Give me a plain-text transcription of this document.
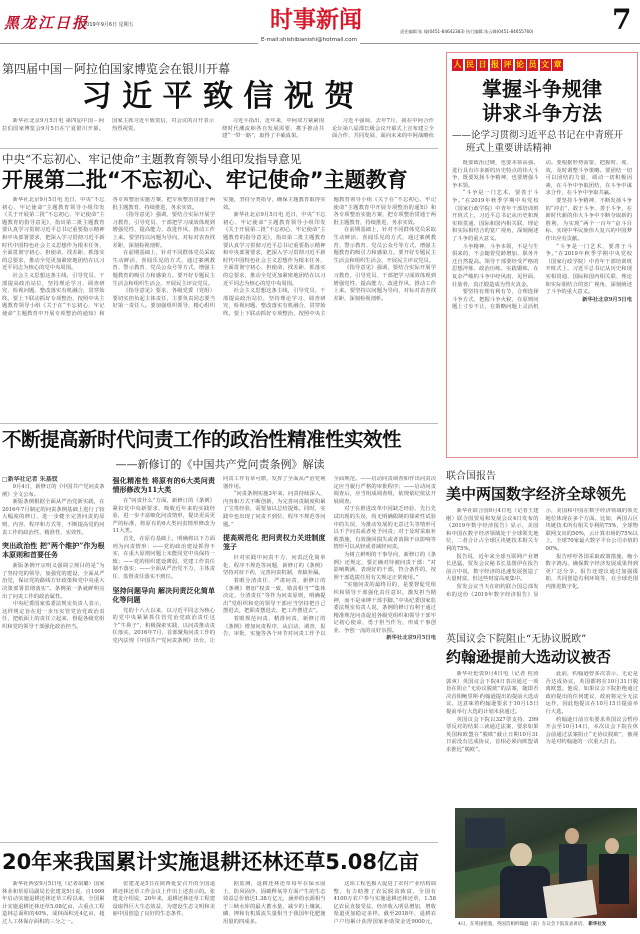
黑龙江日报
2019年9月6日 星期五	时事新闻
E-mail:shishibianishi@hotmail.com
责任编辑:张 瑜(0451-84642383) 执行编辑:朱云峰(0451-84655760)	7
第四届中国－阿拉伯国家博览会在银川开幕
习 近 平 致 信 祝 贺

新华社北京9月5日电 第四届中国－阿拉伯国家博览会9月5日在宁夏银川开幕。国家主席习近平致贺信，对会议的召开表示热烈祝贺。

习近平指出，近年来，中阿双方紧紧围绕时代潮流和各自发展需要，携手推动共建“一带一路”，取得了丰硕成果。

习近平强调，去年7月，我在中阿合作论坛第八届部长级会议开幕式上宣布建立全面合作、共同发展、面向未来的中阿战略伙

人 民 日 报 评 论 员 文 章
掌握斗争规律
讲求斗争方法
——论学习贯彻习近平总书记在中青班开班式上重要讲话精神

既要政治过硬，也要本领高强。进行具有许多新的历史特点的伟大斗争，既要发扬斗争精神，也要增强斗争本领。

“斗争是一门艺术，要善于斗争。”在2019年秋季学期中央党校（国家行政学院）中青年干部培训班开班式上，习近平总书记从历史和现实相贯通、国际和国内相关联、理论和实际相结合的宽广视角，深刻阐述了斗争的重大意义。

斗争精神、斗争本领，不是与生俱来的，不会随着党龄增加、职务升迁自然提高。领导干部要经受严格的思想淬炼、政治历练、实践锻炼，在复杂严峻的斗争中经风雨、见世面、壮筋骨，真正锻造成为烈火真金。

要坚持有理有利有节，合理选择斗争方式、把握斗争火候，在原则问题上寸步不让，在策略问题上灵活机动。要根据形势需要，把握时、度、效，及时调整斗争策略。要团结一切可以团结的力量，调动一切积极因素，在斗争中争取团结，在斗争中谋求合作，在斗争中争取共赢。

要坚持斗争精神，不断发扬斗争的“冲击”，敢于斗争、善于斗争，在新时代新的伟大斗争中不断夺取新的胜利，为实现“两个一百年”奋斗目标、实现中华民族伟大复兴的中国梦作出应有贡献。

“斗争是一门艺术，要善于斗争。”在2019年秋季学期中央党校（国家行政学院）中青年干部培训班开班式上，习近平总书记从历史和现实相贯通、国际和国内相关联、理论和实际相结合的宽广视角，深刻阐述了斗争的重大意义。

新华社北京9月5日电

中央“不忘初心、牢记使命”主题教育领导小组印发指导意见
开展第二批“不忘初心、牢记使命”主题教育

新华社北京9月5日电 近日，中央“不忘初心、牢记使命”主题教育领导小组印发《关于开展第二批“不忘初心、牢记使命”主题教育的指导意见》，指出第二批主题教育要认真学习贯彻习近平总书记重要指示精神和中央部署要求，把深入学习贯彻习近平新时代中国特色社会主义思想作为根本任务，全面贯彻守初心、担使命，找差距、抓落实的总要求，推动全党更加紧密地团结在以习近平同志为核心的党中央周围。

社会主义思想这条主线，引导党员、干部提高政治站位，坚持理论学习、调查研究、检视问题、整改落实有机融合，贯穿始终。要上下联动抓好专项整治，按照中央主题教育领导小组《关于在“不忘初心、牢记使命”主题教育中开展专项整治的通知》和各专项整治实施方案，把专项整治贯通于两批主题教育，持续推进，务求实效。

《指导意见》强调，要结合实际开展学习教育，引导党员、干部把学习成效体现到增强党性、提高能力、改进作风、推动工作上来。要坚持以问题为导向，对标对表查找差距，深刻检视剖析。

在前期基础上，针对不同群体党员采取生动鲜活、喜闻乐见的方式，通过案例教育、警示教育、党员公众号等方式，增强主题教育的吸引力和感染力。要开好专题民主生活会和组织生活会，开展民主评议党员。

《指导意见》要求，各级党委（党组）要切实担负起主体责任，主要负责同志要当好第一责任人。要加强组织领导，精心组织实施，坚持分类指导，确保主题教育取得实效。

新华社北京9月5日电 近日，中央“不忘初心、牢记使命”主题教育领导小组印发《关于开展第二批“不忘初心、牢记使命”主题教育的指导意见》，指出第二批主题教育要认真学习贯彻习近平总书记重要指示精神和中央部署要求，把深入学习贯彻习近平新时代中国特色社会主义思想作为根本任务，全面贯彻守初心、担使命，找差距、抓落实的总要求，推动全党更加紧密地团结在以习近平同志为核心的党中央周围。

社会主义思想这条主线，引导党员、干部提高政治站位，坚持理论学习、调查研究、检视问题、整改落实有机融合，贯穿始终。要上下联动抓好专项整治，按照中央主题教育领导小组《关于在“不忘初心、牢记使命”主题教育中开展专项整治的通知》和各专项整治实施方案，把专项整治贯通于两批主题教育，持续推进，务求实效。

在前期基础上，针对不同群体党员采取生动鲜活、喜闻乐见的方式，通过案例教育、警示教育、党员公众号等方式，增强主题教育的吸引力和感染力。要开好专题民主生活会和组织生活会，开展民主评议党员。

《指导意见》强调，要结合实际开展学习教育，引导党员、干部把学习成效体现到增强党性、提高能力、改进作风、推动工作上来。要坚持以问题为导向，对标对表查找差距，深刻检视剖析。

不断提高新时代问责工作的政治性精准性实效性
——新修订的《中国共产党问责条例》解读
□新华社记者 朱基钗

9月4日，新修订的《中国共产党问责条例》全文公布。

新版条例根据全面从严治党新实践，在2016年7月制定的问责条例基础上进行了较大幅度的修订，进一步健全完善问责的原则、内容、程序和方式等，不断提高党的问责工作的政治性、精准性、实效性。

突出政治性 把“两个维护”作为根本原则和首要任务

新版条例开宗明义强调立规目的是“为了坚持党的领导，加强党的建设，全面从严治党，保证党的路线方针政策和党中央重大决策部署贯彻落实”。条例第一条就鲜明亮出了问责工作的政治属性。

中央纪委国家监委法规室负责人表示，这样规定旨在进一步压实管党治党政治责任，把纸面上的责任立起来，督促各级党组织和党的领导干部强化政治担当。

强化精准性 将原有的6大类问责情形修改为11大类

在“问责什么”方面，新修订的《条例》紧扣党中央新要求，吸收近年来的实践经验，进一步丰富细化问责情形，提出更高更严的标准，将原有的6大类问责情形修改为11大类。

首先，在原有基础上，明确将以下方面列为问责情形：——党的政治建设抓得不实，在重大原则问题上未能同党中央保持一致；——党的组织建设薄弱，党建工作责任制不落实；——全面从严治党不力，主体责任、监督责任落实不到位。

坚持问题导向 解决问责泛化简单化等问题

党的十八大以来，以习近平同志为核心的党中央紧紧抓住管党治党政治责任这个“牛鼻子”，积极探索实践，以问责推动责任落实。2016年7月，首部聚焦问责工作的党内法规《中国共产党问责条例》出台，让问责工作有章可循，发挥了全面从严治党利器作用。

“问责条例实施3年来，问责持续深入，内容和方式不断创新，为完善问责制度积累了宝贵经验，需要加以总结提炼。同时，实践中也出现了问责不到位、程序不规范等问题。”

提高规范化 把问责权力关进制度笼子

针对实践中问责不力、问责泛化简单化、程序不规范等问题，新修订的《条例》坚持对症下药，完善问责机制，查缺补漏。

着眼分清责任，严肃问责，新修订的《条例》增加“权责一致、错责相当”“集体决定、分清责任”等作为问责原则，明确提出“党组织和党的领导干部应当坚持把自己摆进去，把职责摆进去，把工作摆进去”。

着眼规范问责、精准问责，新修订的《条例》增加问责程序，从启动、调查、报告、审批、实施等各个环节对问责工作予以全面规范。——启动问责调查和作出问责决定应当履行严格的审批程序；——启动问责调查后，应当组成调查组，依规依纪依法开展调查。

对于在推进改革中因缺乏经验、先行先试出现的失误，尚无明确限制的探索性试验中的失误，为推动发展的无意过失等情形可以不予问责或者免予问责；对于及时采取补救措施，有效挽回损失或者消除不良影响等情形可以从轻或者减轻问责。

为树立鲜明的干事导向，新修订的《条例》还规定，要正确对待被问责干部：“对影响期满、表现好的干部，符合条件的，按照干部选拔任用有关规定正常使用。”

“实施问责的最终目的，是要督促党组织和领导干部强化责任意识，激发担当精神，而不是束缚干部手脚。”中央纪委国家监委法规室负责人说，条例的修订有利于通过精准规范问责促进各级党组织和领导干部牢记初心使命，勇于担当作为，形成干事创业、争创一流的良好氛围。

新华社北京9月5日电

联合国报告
美中两国数字经济全球领先

新华社联合国9月4日电（记者王建刚）联合国贸易和发展会议4日发布的《2019年数字经济报告》显示，美国和中国在数字经济领域处于全球领先地位，二者合计占全球区块链技术相关专利的75%。

报告说，近年来全球互联网产业增长迅猛。贸发会议秘书长基图伊在报告前言中说，数字经济的迅速发展创造了大量财富，但这些财富高度集中。

贸发会议当天在纽约联合国总部发布的这份《2019年数字经济报告》显示，美国和中国在数字经济领域的领先地位体现在多个方面。比如，两国占区块链技术所有相关专利的75%，全球物联网支出的50%，云计算市场的75%以上，全球70家最大数字平台公司市值的90%。

报告呼吁各国采取政策措施，缩小数字鸿沟，确保数字经济发展成果得到更广泛分享。报告还建议通过加强援助，共同创造有利环境等，在全球范围内推进数字化。

英国议会下院阻止“无协议脱欧”
约翰逊提前大选动议被否

新华社伦敦9月4日电（记者 桂涛 郭爽）英国议会下院4日表决通过一项旨在阻止“无协议脱欧”的法案，随即否决首相鲍里斯·约翰逊提出的提前大选动议。这意味着约翰逊要求于10月15日提前举行大选的计划未获通过。

英国议会下院以327票支持、299票反对的结果三读通过法案，要求如果英国和欧盟在“脱欧”截止日期10月31日前没有达成协议，首相必须向欧盟请求推迟“脱欧”。

此前，约翰逊曾多次表示，无论是否达成协议，英国都将在10月31日脱离欧盟。他说，如果议会下院拒绝通过政府提出的任何建议，政府将完全无法运作，因此他提议在10月15日提前举行大选。

约翰逊日前宣布要求英国议会暂停开会至10月14日，本次议会下院在休会前通过法案阻止“无协议脱欧”，被视为是对约翰逊的一次重大打击。

4日，在英国伦敦，英国首相约翰逊（前）在议会下院发表讲话。 新华社发
20年来我国累计实施退耕还林还草5.08亿亩

新华社西安9月5日电（记者胡璐）国家林业和草原局副局长张建龙5日说，自1999年启动实施退耕还林还草工程以来，全国累计实施退耕还林还草5.08亿亩，占重点工程造林总面积的40%，成林面积近4亿亩，超过人工林保存面积的三分之一。

张建龙是5日在陕西延安召开的全国退耕还林还草工作会议上作出上述表示的。张建龙介绍说，20年来，退耕还林还草工程建设取得巨大生态效益，为建设生态文明和美丽中国创造了良好的生态条件。

据监测，退耕还林还草每年在保水固土、防风固沙、固碳释氧等方面产生的生态效益总价值达1.38万亿元，涵养的水源相当于三峡水库的最大蓄水量，减少的土壤氮、磷、钾和有机质流失量相当于我国年化肥施用量的四成多。

这项工程也极大促进了农村产业结构调整，有力助推了农民脱贫致富。全国有4100万农户参与实施退耕还林还草，1.58亿农民直接受益，经济收入明显增加，增收渠道更加稳定多样。截至2018年，退耕农户户均累计获得国家补助资金近9000元，
